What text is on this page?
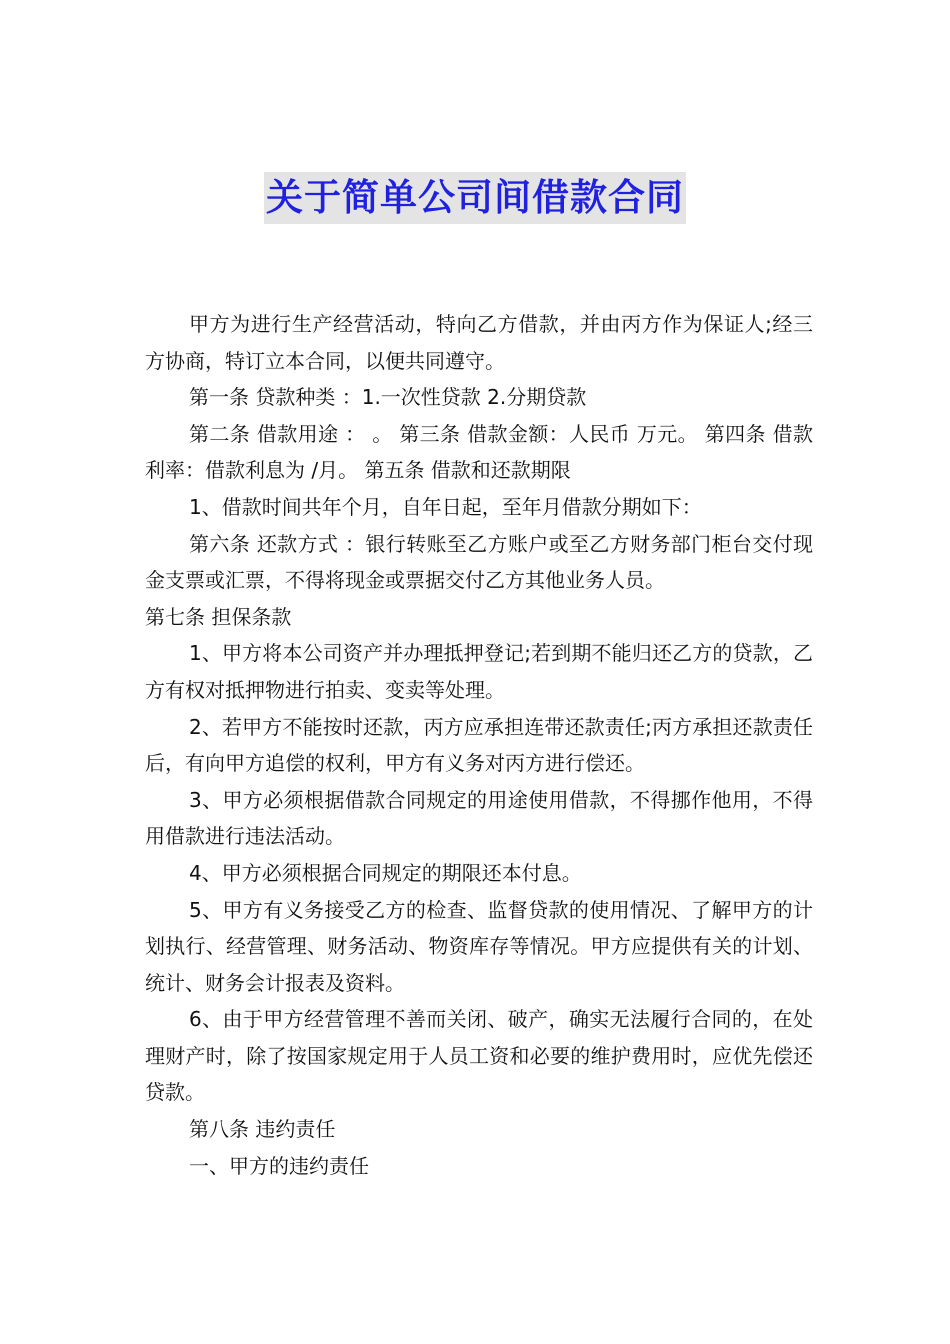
关于简单公司间借款合同

甲方为进行生产经营活动，特向乙方借款，并由丙方作为保证人;经三方协商，特订立本合同，以便共同遵守。

第一条 贷款种类 ：1.一次性贷款 2.分期贷款

第二条 借款用途 ： 。 第三条 借款金额：人民币 万元。 第四条 借款利率：借款利息为 /月。 第五条 借款和还款期限

1、借款时间共年个月，自年日起，至年月借款分期如下：

第六条 还款方式 ：银行转账至乙方账户或至乙方财务部门柜台交付现金支票或汇票，不得将现金或票据交付乙方其他业务人员。

第七条 担保条款

1、甲方将本公司资产并办理抵押登记;若到期不能归还乙方的贷款，乙方有权对抵押物进行拍卖、变卖等处理。

2、若甲方不能按时还款，丙方应承担连带还款责任;丙方承担还款责任后，有向甲方追偿的权利，甲方有义务对丙方进行偿还。

3、甲方必须根据借款合同规定的用途使用借款，不得挪作他用，不得用借款进行违法活动。

4、甲方必须根据合同规定的期限还本付息。

5、甲方有义务接受乙方的检查、监督贷款的使用情况、了解甲方的计划执行、经营管理、财务活动、物资库存等情况。甲方应提供有关的计划、统计、财务会计报表及资料。

6、由于甲方经营管理不善而关闭、破产，确实无法履行合同的，在处理财产时，除了按国家规定用于人员工资和必要的维护费用时，应优先偿还贷款。

第八条 违约责任

一、甲方的违约责任
